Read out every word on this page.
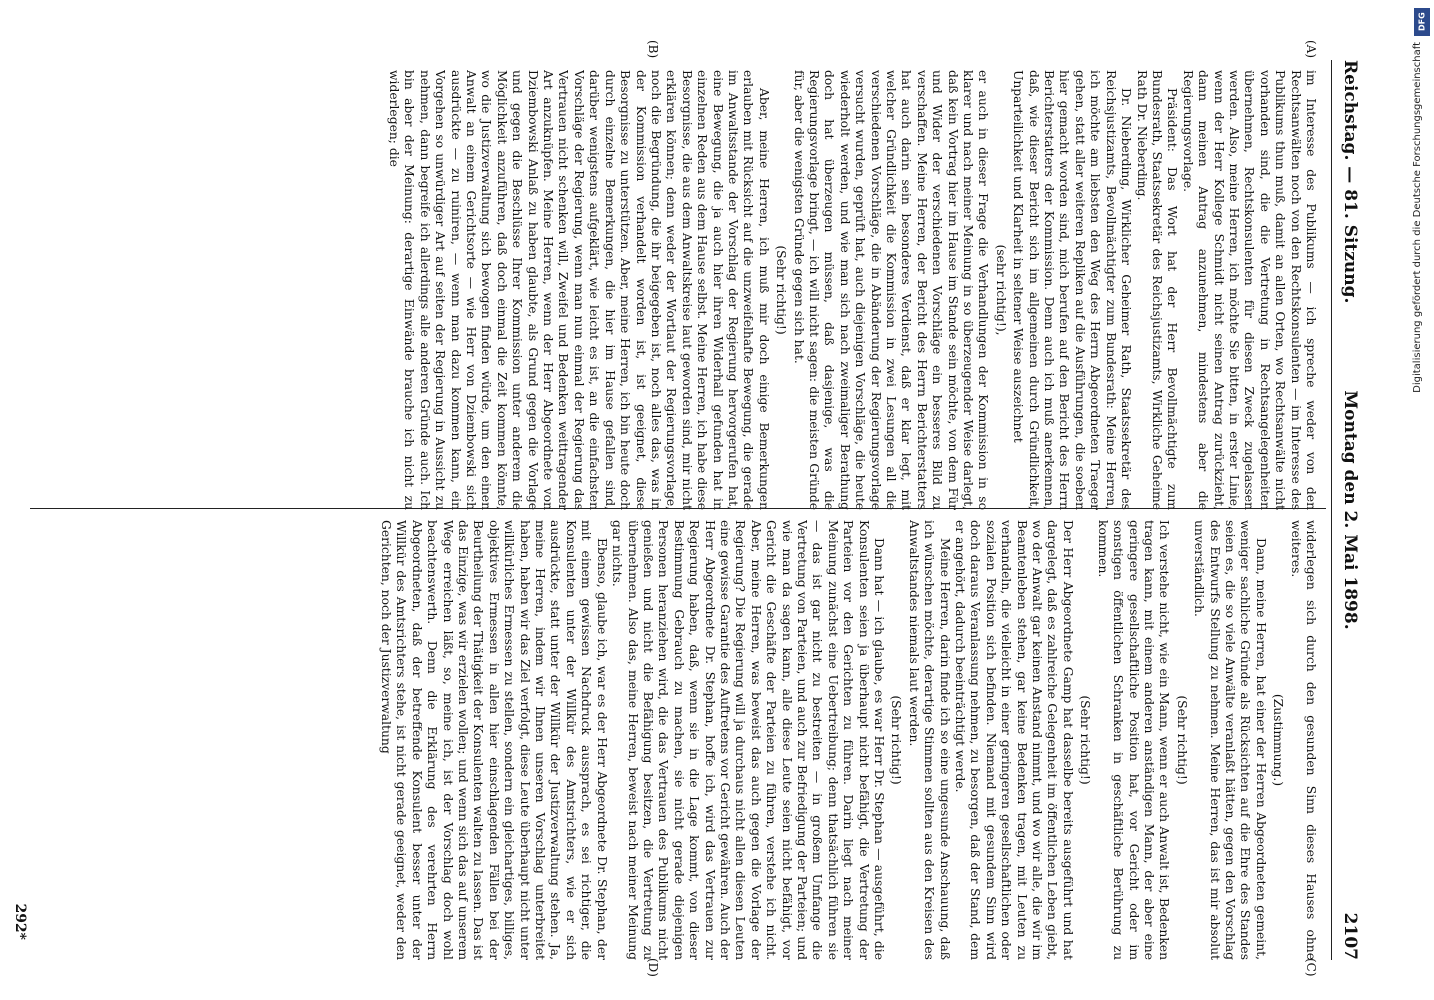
Reichstag. — 81. Sitzung.
Montag den 2. Mai 1898.
2107
(A)
(B)
(C)
(D)

im Interesse des Publikums — ich spreche weder von den Rechtsanwälten noch von den Rechtskonsulenten — im Interesse des Publikums thun muß, damit an allen Orten, wo Rechtsanwälte nicht vorhanden sind, die die Vertretung in Rechtsangelegenheiten übernehmen, Rechtskonsulenten für diesen Zweck zugelassen werden. Also, meine Herren, ich möchte Sie bitten, in erster Linie, wenn der Herr Kollege Schmidt nicht seinen Antrag zurückzieht, dann meinen Antrag anzunehmen, mindestens aber die Regierungsvorlage.

Präsident: Das Wort hat der Herr Bevollmächtigte zum Bundesrath, Staatssekretär des Reichsjustizamts, Wirkliche Geheime Rath Dr. Nieberding.

Dr. Nieberding, Wirklicher Geheimer Rath, Staatssekretär des Reichsjustizamts, Bevollmächtigter zum Bundesrath: Meine Herren, ich möchte am liebsten den Weg des Herrn Abgeordneten Traeger gehen, statt aller weiteren Repliken auf die Ausführungen, die soeben hier gemacht worden sind, mich berufen auf den Bericht des Herrn Berichterstatters der Kommission. Denn auch ich muß anerkennen, daß, wie dieser Bericht sich im allgemeinen durch Gründlichkeit, Unparteilichkeit und Klarheit in seltener Weise auszeichnet

(sehr richtig!),

er auch in dieser Frage die Verhandlungen der Kommission in so klarer und nach meiner Meinung in so überzeugender Weise darlegt, daß kein Vortrag hier im Hause im Stande sein möchte, von dem Für und Wider der verschiedenen Vorschläge ein besseres Bild zu verschaffen. Meine Herren, der Bericht des Herrn Berichterstatters hat auch darin sein besonderes Verdienst, daß er klar legt, mit welcher Gründlichkeit die Kommission in zwei Lesungen all die verschiedenen Vorschläge, die in Abänderung der Regierungsvorlage versucht wurden, geprüft hat, auch diejenigen Vorschläge, die heute wiederholt werden, und wie man sich nach zweimaliger Berathung doch hat überzeugen müssen, daß dasjenige, was die Regierungsvorlage bringt, — ich will nicht sagen: die meisten Gründe für, aber die wenigsten Gründe gegen sich hat.

(Sehr richtig!)

Aber, meine Herren, ich muß mir doch einige Bemerkungen erlauben mit Rücksicht auf die unzweifelhafte Bewegung, die gerade im Anwaltsstande der Vorschlag der Regierung hervorgerufen hat, eine Bewegung, die ja auch hier ihren Widerhall gefunden hat in einzelnen Reden aus dem Hause selbst. Meine Herren, ich habe diese Besorgnisse, die aus dem Anwaltskreise laut geworden sind, mir nicht erklären können; denn weder der Wortlaut der Regierungsvorlage, noch die Begründung, die ihr beigegeben ist, noch alles das, was in der Kommission verhandelt worden ist, ist geeignet, diese Besorgnisse zu unterstützen. Aber, meine Herren, ich bin heute doch durch einzelne Bemerkungen, die hier im Hause gefallen sind, darüber wenigstens aufgeklärt, wie leicht es ist, an die einfachsten Vorschläge der Regierung, wenn man nun einmal der Regierung das Vertrauen nicht schenken will, Zweifel und Bedenken weittragender Art anzuknüpfen. Meine Herren, wenn der Herr Abgeordnete von Dziembowski Anlaß zu haben glaubte, als Grund gegen die Vorlage und gegen die Beschlüsse Ihrer Kommission unter anderem die Möglichkeit anzuführen, daß doch einmal die Zeit kommen könnte, wo die Justizverwaltung sich bewogen finden würde, um den einen Anwalt an einem Gerichtsorte — wie Herr von Dziembowski sich ausdrückte — zu ruiniren, — wenn man dazu kommen kann, ein Vorgehen so unwürdiger Art auf seiten der Regierung in Aussicht zu nehmen, dann begreife ich allerdings alle anderen Gründe auch. Ich bin aber der Meinung: derartige Einwände brauche ich nicht zu widerlegen; die

widerlegen sich durch den gesunden Sinn dieses Hauses ohne weiteres.

(Zustimmung.)

Dann, meine Herren, hat einer der Herren Abgeordneten gemeint, weniger sachliche Gründe als Rücksichten auf die Ehre des Standes seien es, die so viele Anwälte veranlaßt hätten, gegen den Vorschlag des Entwurfs Stellung zu nehmen. Meine Herren, das ist mir absolut unverständlich.

(Sehr richtig!)

Ich verstehe nicht, wie ein Mann, wenn er auch Anwalt ist, Bedenken tragen kann, mit einem anderen anständigen Mann, der aber eine geringere gesellschaftliche Position hat, vor Gericht oder im sonstigen öffentlichen Schranken in geschäftliche Berührung zu kommen.

(Sehr richtig!)

Der Herr Abgeordnete Gamp hat dasselbe bereits ausgeführt und hat dargelegt, daß es zahlreiche Gelegenheit im öffentlichen Leben giebt, wo der Anwalt gar keinen Anstand nimmt, und wo wir alle, die wir im Beamtenleben stehen, gar keine Bedenken tragen, mit Leuten zu verhandeln, die vielleicht in einer geringeren gesellschaftlichen oder sozialen Position sich befinden. Niemand mit gesundem Sinn wird doch daraus Veranlassung nehmen, zu besorgen, daß der Stand, dem er angehört, dadurch beeinträchtigt werde.

Meine Herren, darin finde ich so eine ungesunde Anschauung, daß ich wünschen möchte, derartige Stimmen sollten aus den Kreisen des Anwaltstandes niemals laut werden.

(Sehr richtig!)

Dann hat — ich glaube, es war Herr Dr. Stephan — ausgeführt, die Konsulenten seien ja überhaupt nicht befähigt, die Vertretung der Parteien vor den Gerichten zu führen. Darin liegt nach meiner Meinung zunächst eine Uebertreibung; denn thatsächlich führen sie — das ist gar nicht zu bestreiten — in großem Umfange die Vertretung von Parteien, und auch zur Befriedigung der Parteien; und wie man da sagen kann, alle diese Leute seien nicht befähigt, vor Gericht die Geschäfte der Parteien zu führen, verstehe ich nicht. Aber, meine Herren, was beweist das auch gegen die Vorlage der Regierung? Die Regierung will ja durchaus nicht allen diesen Leuten eine gewisse Garantie des Auftretens vor Gericht gewähren. Auch der Herr Abgeordnete Dr. Stephan, hoffe ich, wird das Vertrauen zur Regierung haben, daß, wenn sie in die Lage kommt, von dieser Bestimmung Gebrauch zu machen, sie nicht gerade diejenigen Personen heranziehen wird, die das Vertrauen des Publikums nicht genießen und nicht die Befähigung besitzen, die Vertretung zu übernehmen. Also das, meine Herren, beweist nach meiner Meinung gar nichts.

Ebenso, glaube ich, war es der Herr Abgeordnete Dr. Stephan, der mit einem gewissen Nachdruck aussprach, es sei richtiger, die Konsulenten unter der Willkür des Amtsrichters, wie er sich ausdrückte, statt unter der Willkür der Justizverwaltung stehen. Ja, meine Herren, indem wir Ihnen unseren Vorschlag unterbreitet haben, haben wir das Ziel verfolgt, diese Leute überhaupt nicht unter willkürliches Ermessen zu stellen, sondern ein gleichartiges, billiges, objektives Ermessen in allen hier einschlagenden Fällen bei der Beurtheilung der Thätigkeit der Konsulenten walten zu lassen. Das ist das Einzige, was wir erzielen wollen; und wenn sich das auf unserem Wege erreichen läßt, so, meine ich, ist der Vorschlag doch wohl beachtenswerth. Denn die Erklärung des verehrten Herrn Abgeordneten, daß der betreffende Konsulent besser unter der Willkür des Amtsrichters stehe, ist nicht gerade geeignet, weder den Gerichten, noch der Justizverwaltung

292*
DFG
Digitalisierung gefördert durch die Deutsche Forschungsgemeinschaft
